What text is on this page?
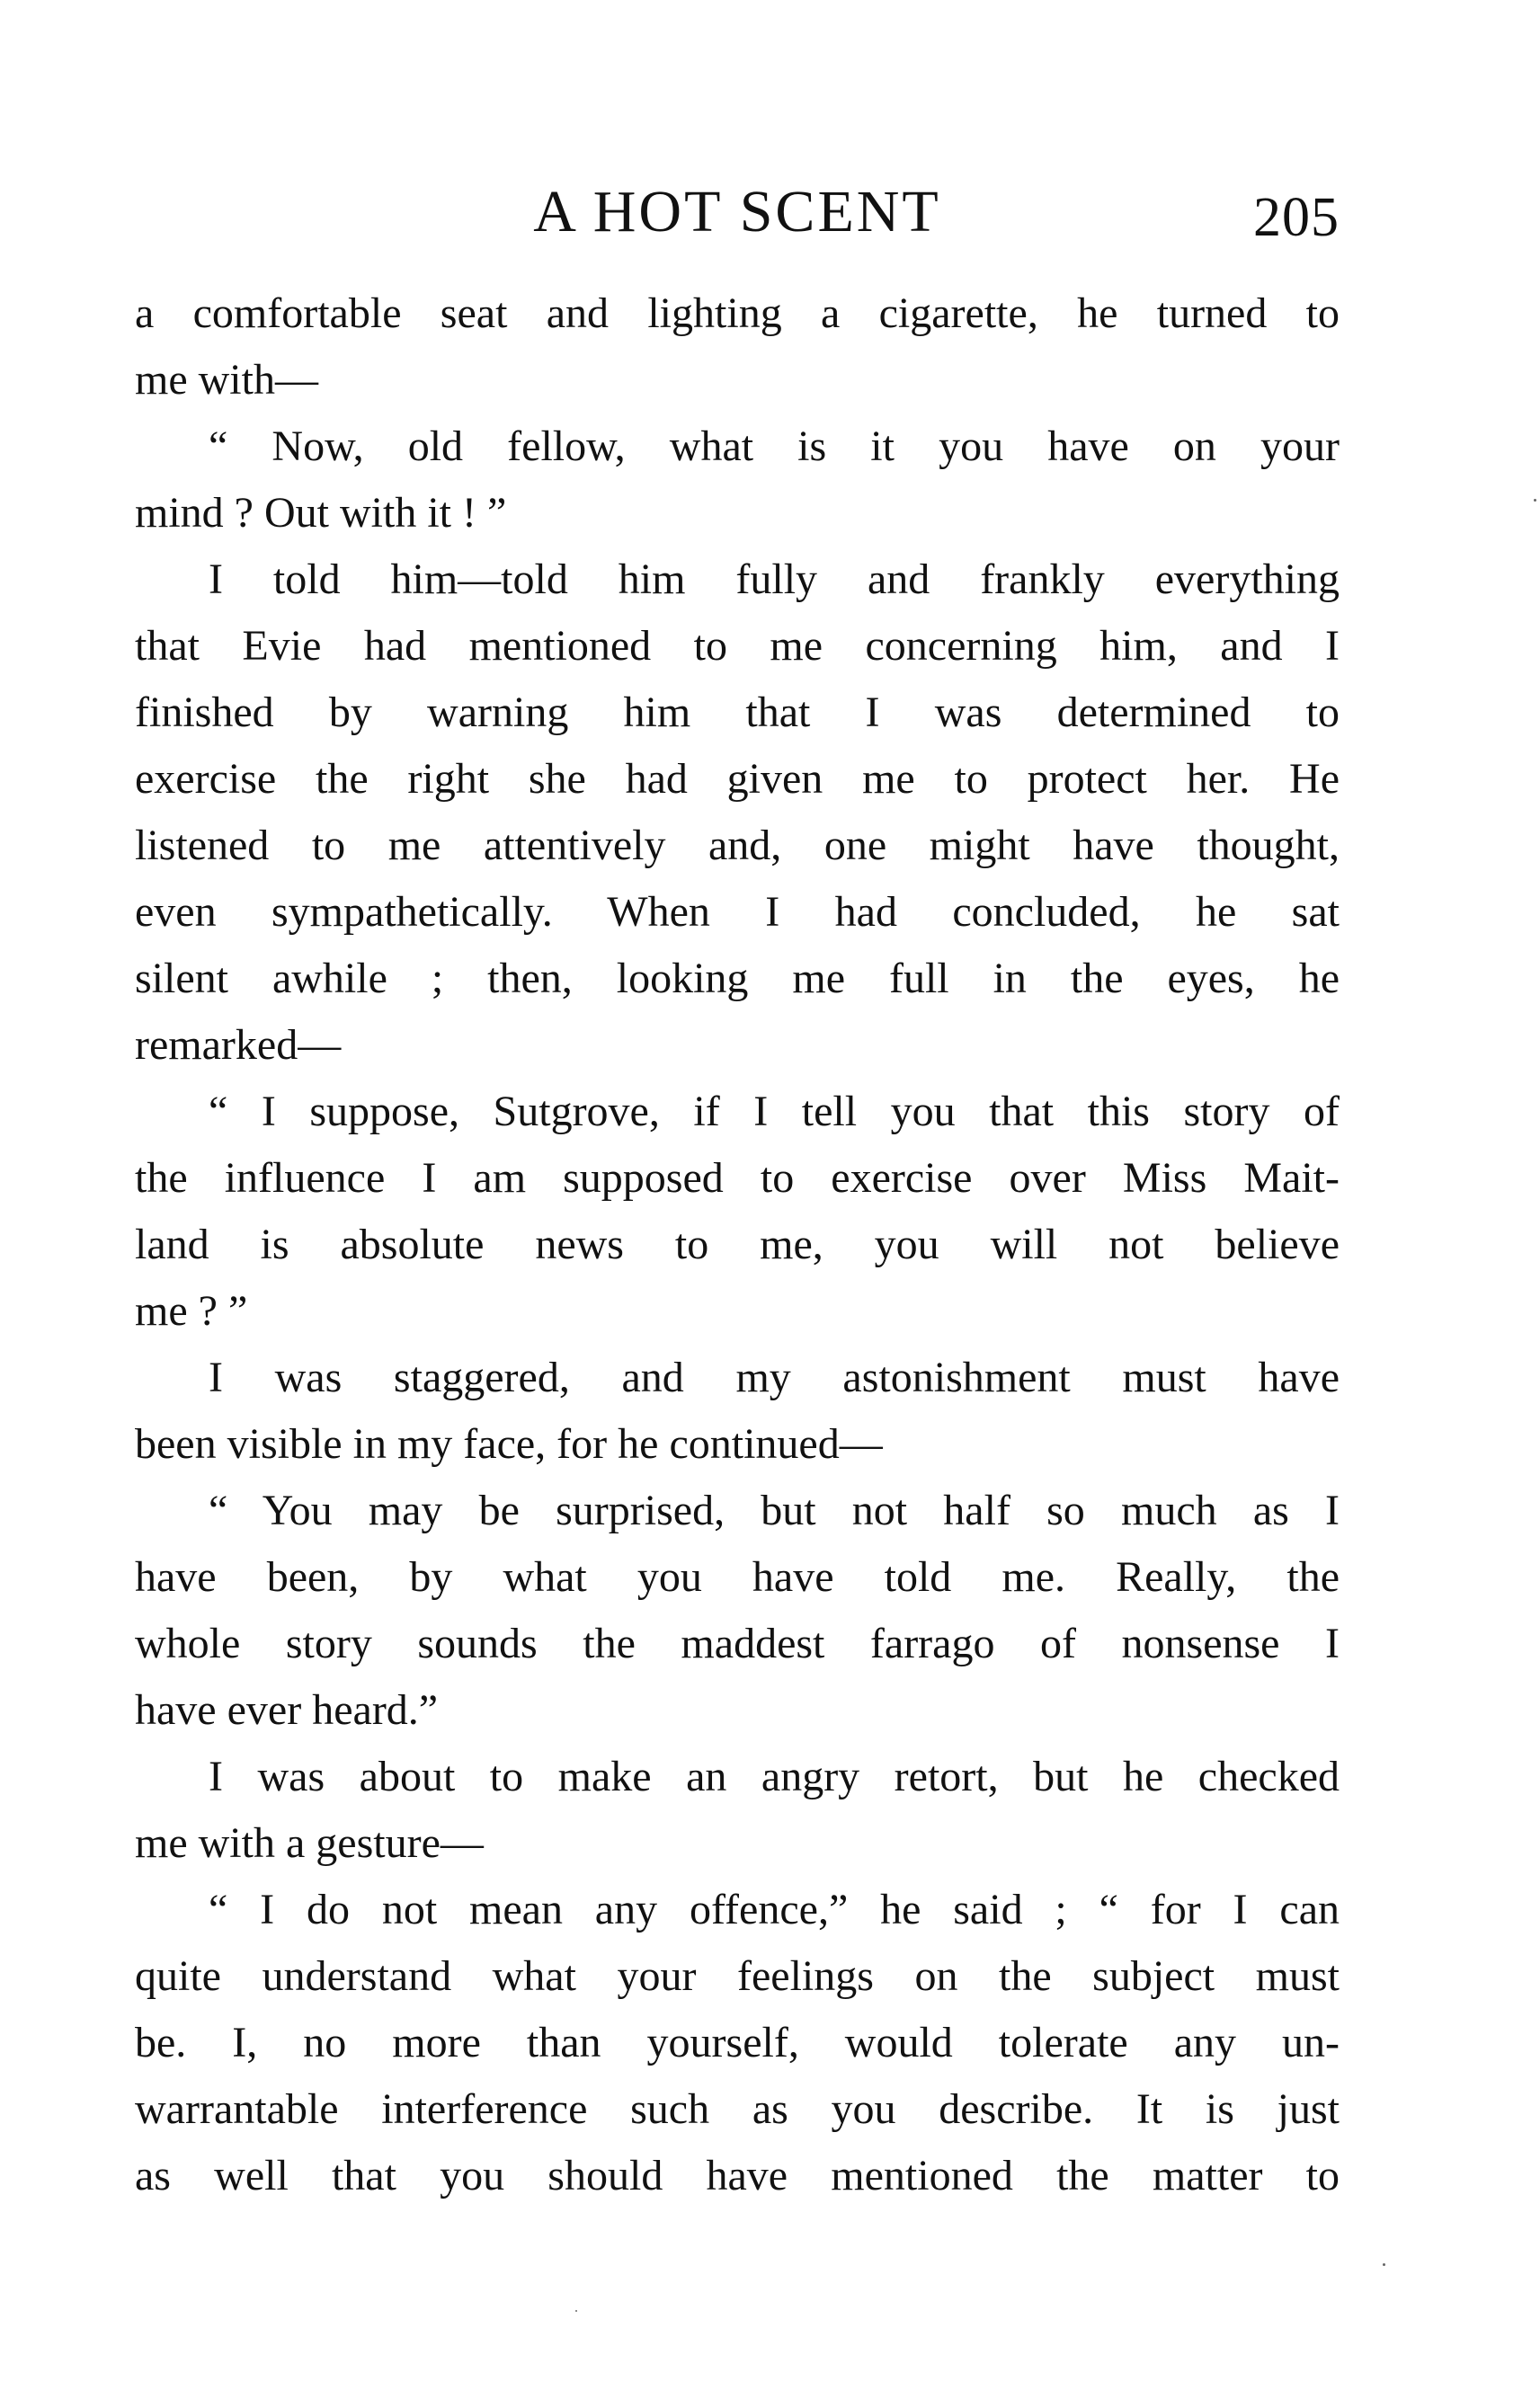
A HOT SCENT	205
a comfortable seat and lighting a cigarette, he turned to
me with—
“ Now, old fellow, what is it you have on your
mind ? Out with it ! ”
I told him—told him fully and frankly everything
that Evie had mentioned to me concerning him, and I
finished by warning him that I was determined to
exercise the right she had given me to protect her. He
listened to me attentively and, one might have thought,
even sympathetically. When I had concluded, he sat
silent awhile ; then, looking me full in the eyes, he
remarked—
“ I suppose, Sutgrove, if I tell you that this story of
the influence I am supposed to exercise over Miss Mait-
land is absolute news to me, you will not believe
me ? ”
I was staggered, and my astonishment must have
been visible in my face, for he continued—
“ You may be surprised, but not half so much as I
have been, by what you have told me. Really, the
whole story sounds the maddest farrago of nonsense I
have ever heard.”
I was about to make an angry retort, but he checked
me with a gesture—
“ I do not mean any offence,” he said ; “ for I can
quite understand what your feelings on the subject must
be. I, no more than yourself, would tolerate any un-
warrantable interference such as you describe. It is just
as well that you should have mentioned the matter to
